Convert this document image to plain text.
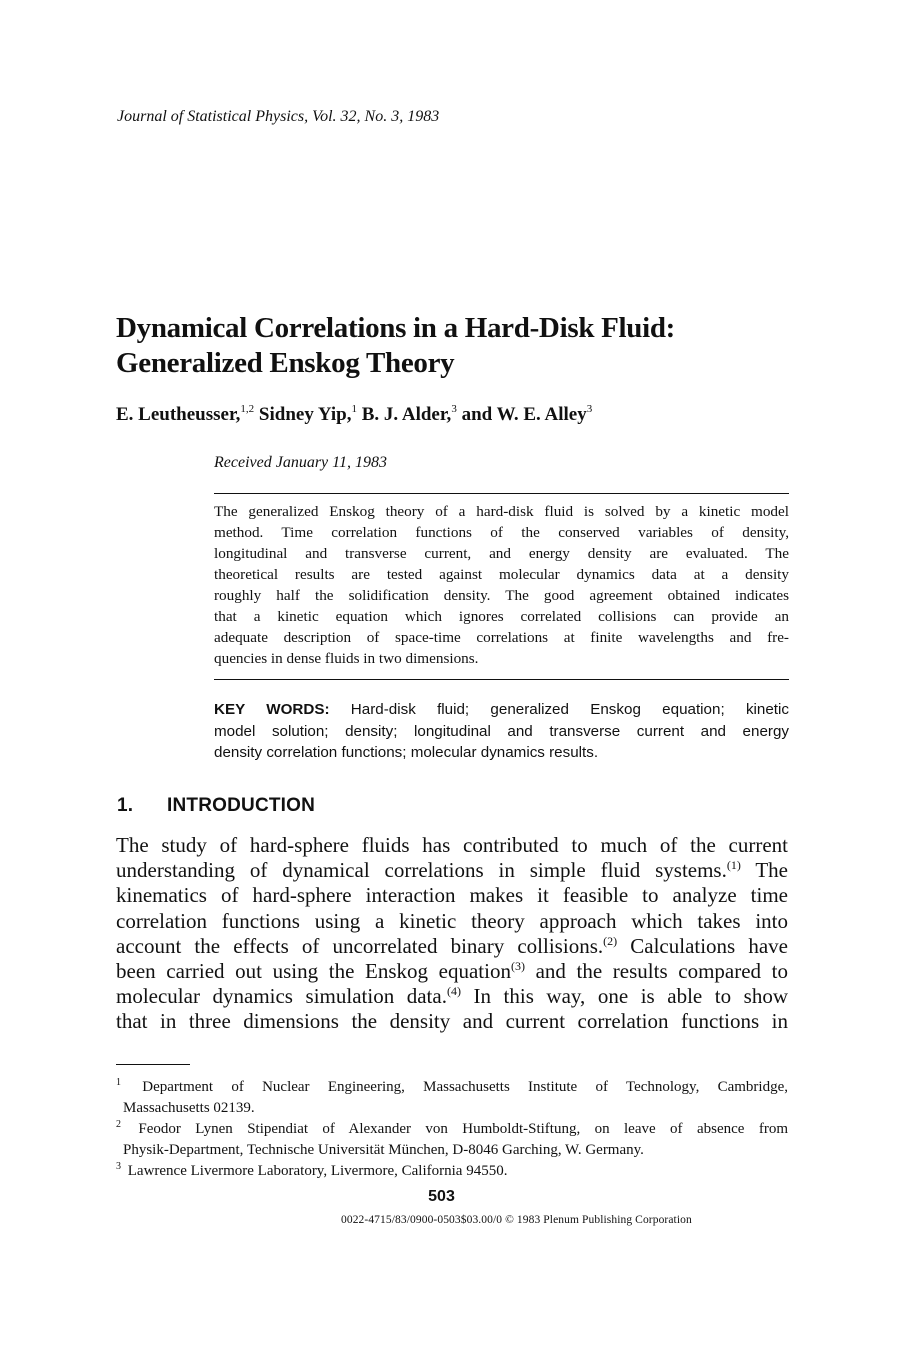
Journal of Statistical Physics, Vol. 32, No. 3, 1983
Dynamical Correlations in a Hard-Disk Fluid:
Generalized Enskog Theory
E. Leutheusser,$^{1,2}$ Sidney Yip,$^1$ B. J. Alder,$^3$ and W. E. Alley$^3$
Received January 11, 1983
The generalized Enskog theory of a hard-disk fluid is solved by a kinetic model
method. Time correlation functions of the conserved variables of density,
longitudinal and transverse current, and energy density are evaluated. The
theoretical results are tested against molecular dynamics data at a density
roughly half the solidification density. The good agreement obtained indicates
that a kinetic equation which ignores correlated collisions can provide an
adequate description of space-time correlations at finite wavelengths and fre-
quencies in dense fluids in two dimensions.
KEY WORDS: Hard-disk fluid; generalized Enskog equation; kinetic
model solution; density; longitudinal and transverse current and energy
density correlation functions; molecular dynamics results.
1. INTRODUCTION
The study of hard-sphere fluids has contributed to much of the current
understanding of dynamical correlations in simple fluid systems.$^{(1)}$ The
kinematics of hard-sphere interaction makes it feasible to analyze time
correlation functions using a kinetic theory approach which takes into
account the effects of uncorrelated binary collisions.$^{(2)}$ Calculations have
been carried out using the Enskog equation$^{(3)}$ and the results compared to
molecular dynamics simulation data.$^{(4)}$ In this way, one is able to show
that in three dimensions the density and current correlation functions in
$^1$ Department of Nuclear Engineering, Massachusetts Institute of Technology, Cambridge,
Massachusetts 02139.
$^2$ Feodor Lynen Stipendiat of Alexander von Humboldt-Stiftung, on leave of absence from
Physik-Department, Technische Universität München, D-8046 Garching, W. Germany.
$^3$ Lawrence Livermore Laboratory, Livermore, California 94550.
503
0022-4715/83/0900-0503$03.00/0 © 1983 Plenum Publishing Corporation
